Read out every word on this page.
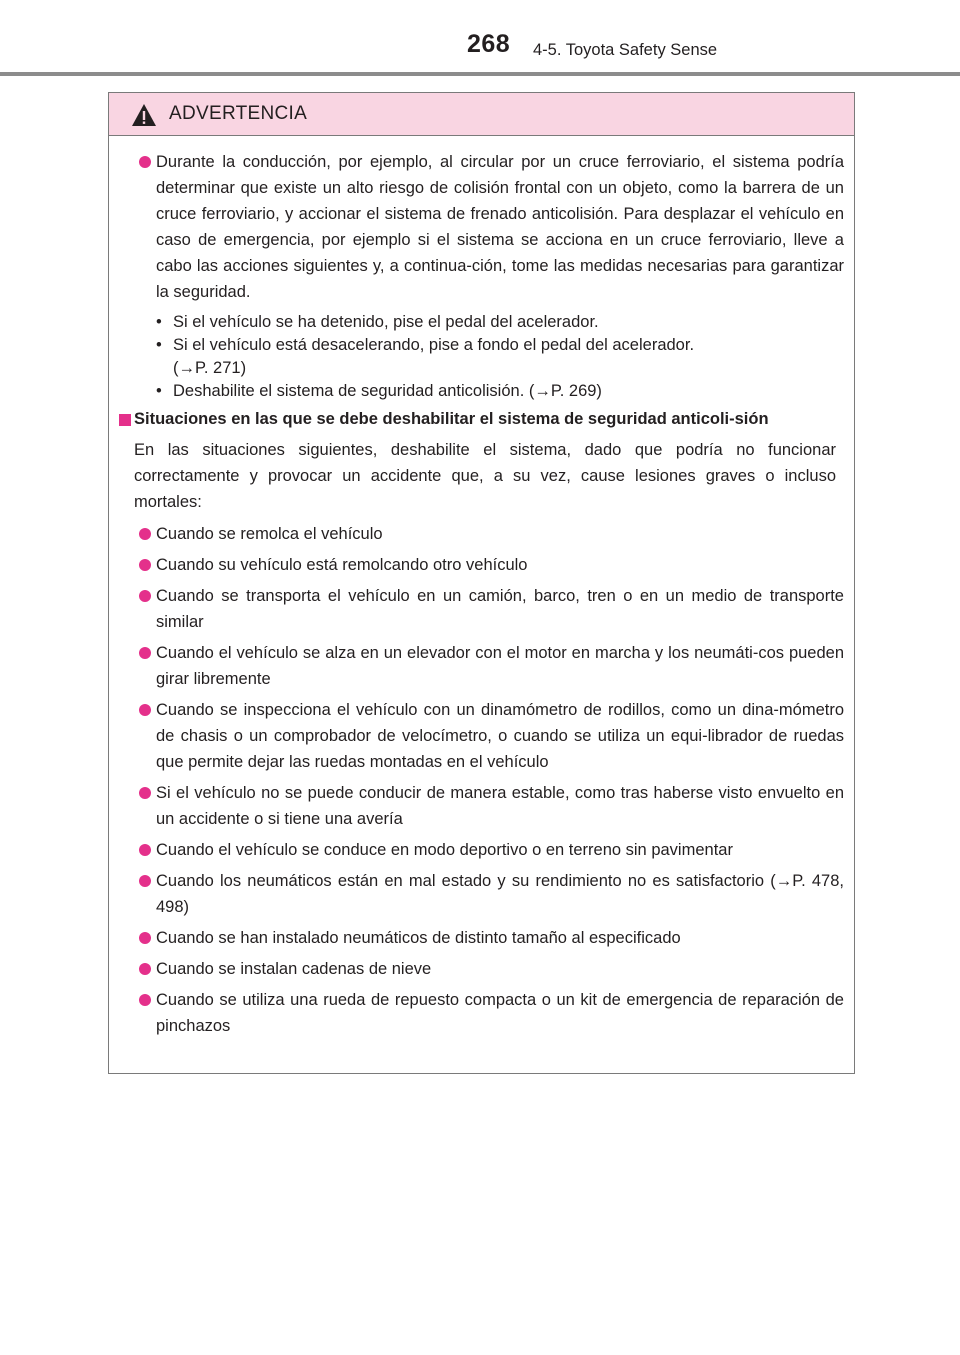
268 4-5. Toyota Safety Sense
ADVERTENCIA
Durante la conducción, por ejemplo, al circular por un cruce ferroviario, el sistema podría determinar que existe un alto riesgo de colisión frontal con un objeto, como la barrera de un cruce ferroviario, y accionar el sistema de frenado anticolisión. Para desplazar el vehículo en caso de emergencia, por ejemplo si el sistema se acciona en un cruce ferroviario, lleve a cabo las acciones siguientes y, a continua-ción, tome las medidas necesarias para garantizar la seguridad.
• Si el vehículo se ha detenido, pise el pedal del acelerador.
• Si el vehículo está desacelerando, pise a fondo el pedal del acelerador.
(→P. 271)
• Deshabilite el sistema de seguridad anticolisión. (→P. 269)
Situaciones en las que se debe deshabilitar el sistema de seguridad anticoli-sión
En las situaciones siguientes, deshabilite el sistema, dado que podría no funcionar correctamente y provocar un accidente que, a su vez, cause lesiones graves o incluso mortales:
Cuando se remolca el vehículo
Cuando su vehículo está remolcando otro vehículo
Cuando se transporta el vehículo en un camión, barco, tren o en un medio de transporte similar
Cuando el vehículo se alza en un elevador con el motor en marcha y los neumáti-cos pueden girar libremente
Cuando se inspecciona el vehículo con un dinamómetro de rodillos, como un dina-mómetro de chasis o un comprobador de velocímetro, o cuando se utiliza un equi-librador de ruedas que permite dejar las ruedas montadas en el vehículo
Si el vehículo no se puede conducir de manera estable, como tras haberse visto envuelto en un accidente o si tiene una avería
Cuando el vehículo se conduce en modo deportivo o en terreno sin pavimentar
Cuando los neumáticos están en mal estado y su rendimiento no es satisfactorio (→P. 478, 498)
Cuando se han instalado neumáticos de distinto tamaño al especificado
Cuando se instalan cadenas de nieve
Cuando se utiliza una rueda de repuesto compacta o un kit de emergencia de reparación de pinchazos
